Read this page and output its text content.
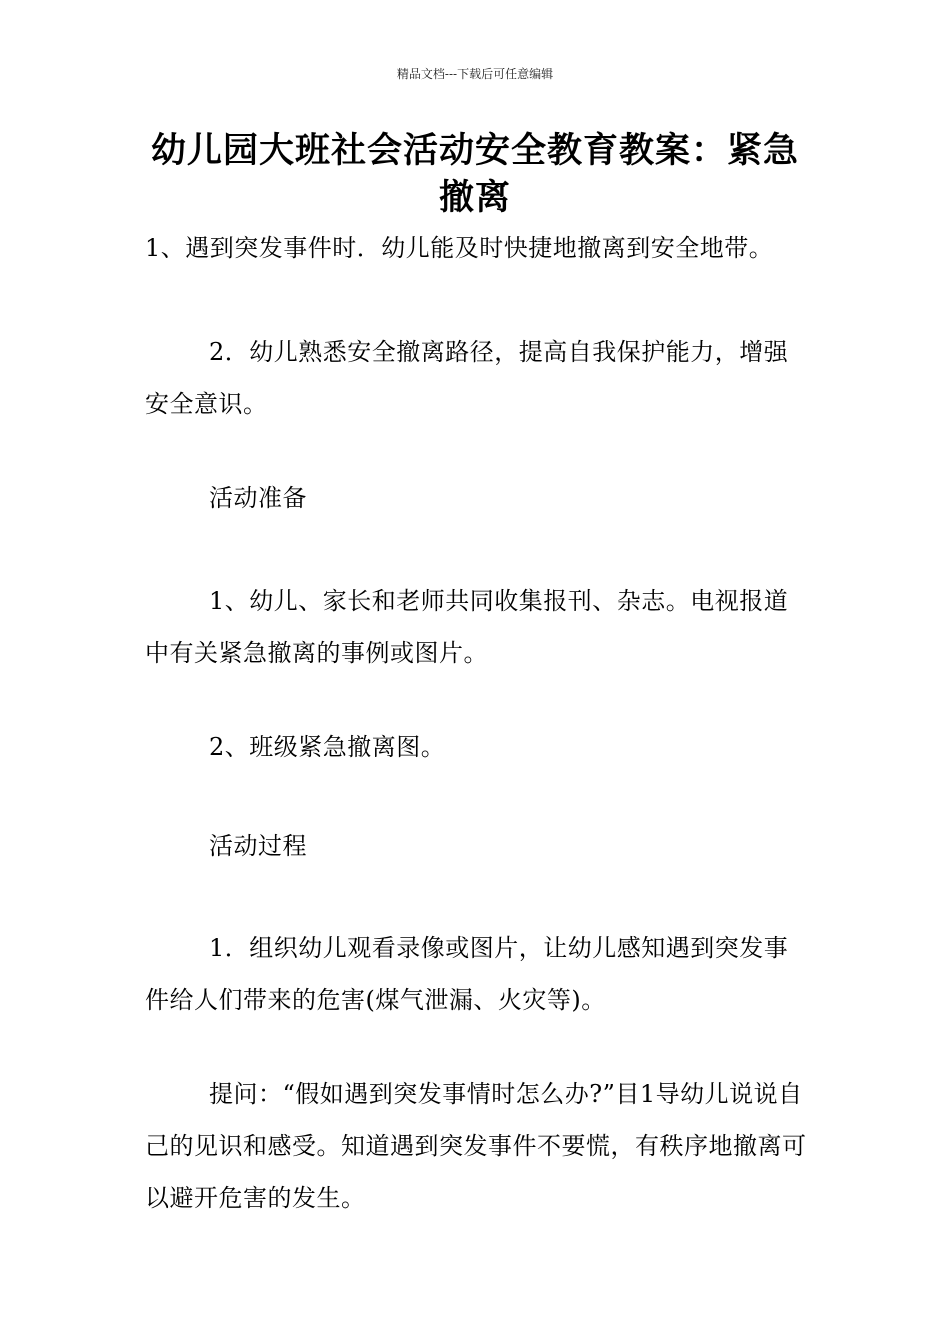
精品文档---下载后可任意编辑
幼儿园大班社会活动安全教育教案：紧急撤离
1、遇到突发事件时．幼儿能及时快捷地撤离到安全地带。
2．幼儿熟悉安全撤离路径，提高自我保护能力，增强安全意识。
活动准备
1、幼儿、家长和老师共同收集报刊、杂志。电视报道中有关紧急撤离的事例或图片。
2、班级紧急撤离图。
活动过程
1．组织幼儿观看录像或图片，让幼儿感知遇到突发事件给人们带来的危害(煤气泄漏、火灾等)。
提问：“假如遇到突发事情时怎么办?”目1导幼儿说说自己的见识和感受。知道遇到突发事件不要慌，有秩序地撤离可以避开危害的发生。
